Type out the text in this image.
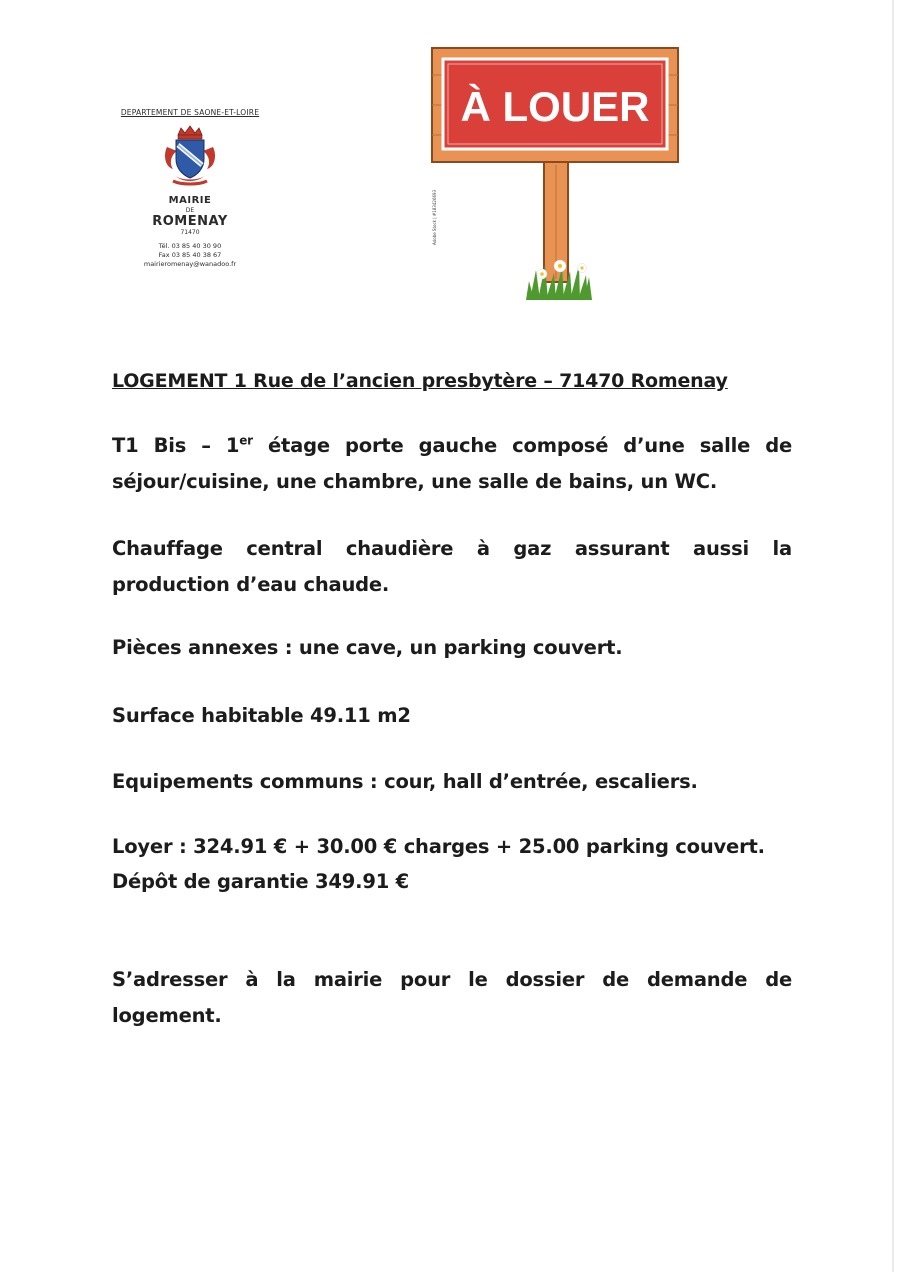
DEPARTEMENT DE SAONE-ET-LOIRE
MAIRIE
DE
ROMENAY
71470
Tél. 03 85 40 30 90
Fax 03 85 40 38 67
mairieromenay@wanadoo.fr
À LOUER
Adobe Stock | #183426693
LOGEMENT 1 Rue de l’ancien presbytère – 71470 Romenay
T1 Bis – 1er étage porte gauche composé d’une salle de séjour/cuisine, une chambre, une salle de bains, un WC.
Chauffage central chaudière à gaz assurant aussi la production d’eau chaude.
Pièces annexes : une cave, un parking couvert.
Surface habitable 49.11 m2
Equipements communs : cour, hall d’entrée, escaliers.
Loyer : 324.91 € + 30.00 € charges + 25.00 parking couvert.
Dépôt de garantie 349.91 €
S’adresser à la mairie pour le dossier de demande de logement.
